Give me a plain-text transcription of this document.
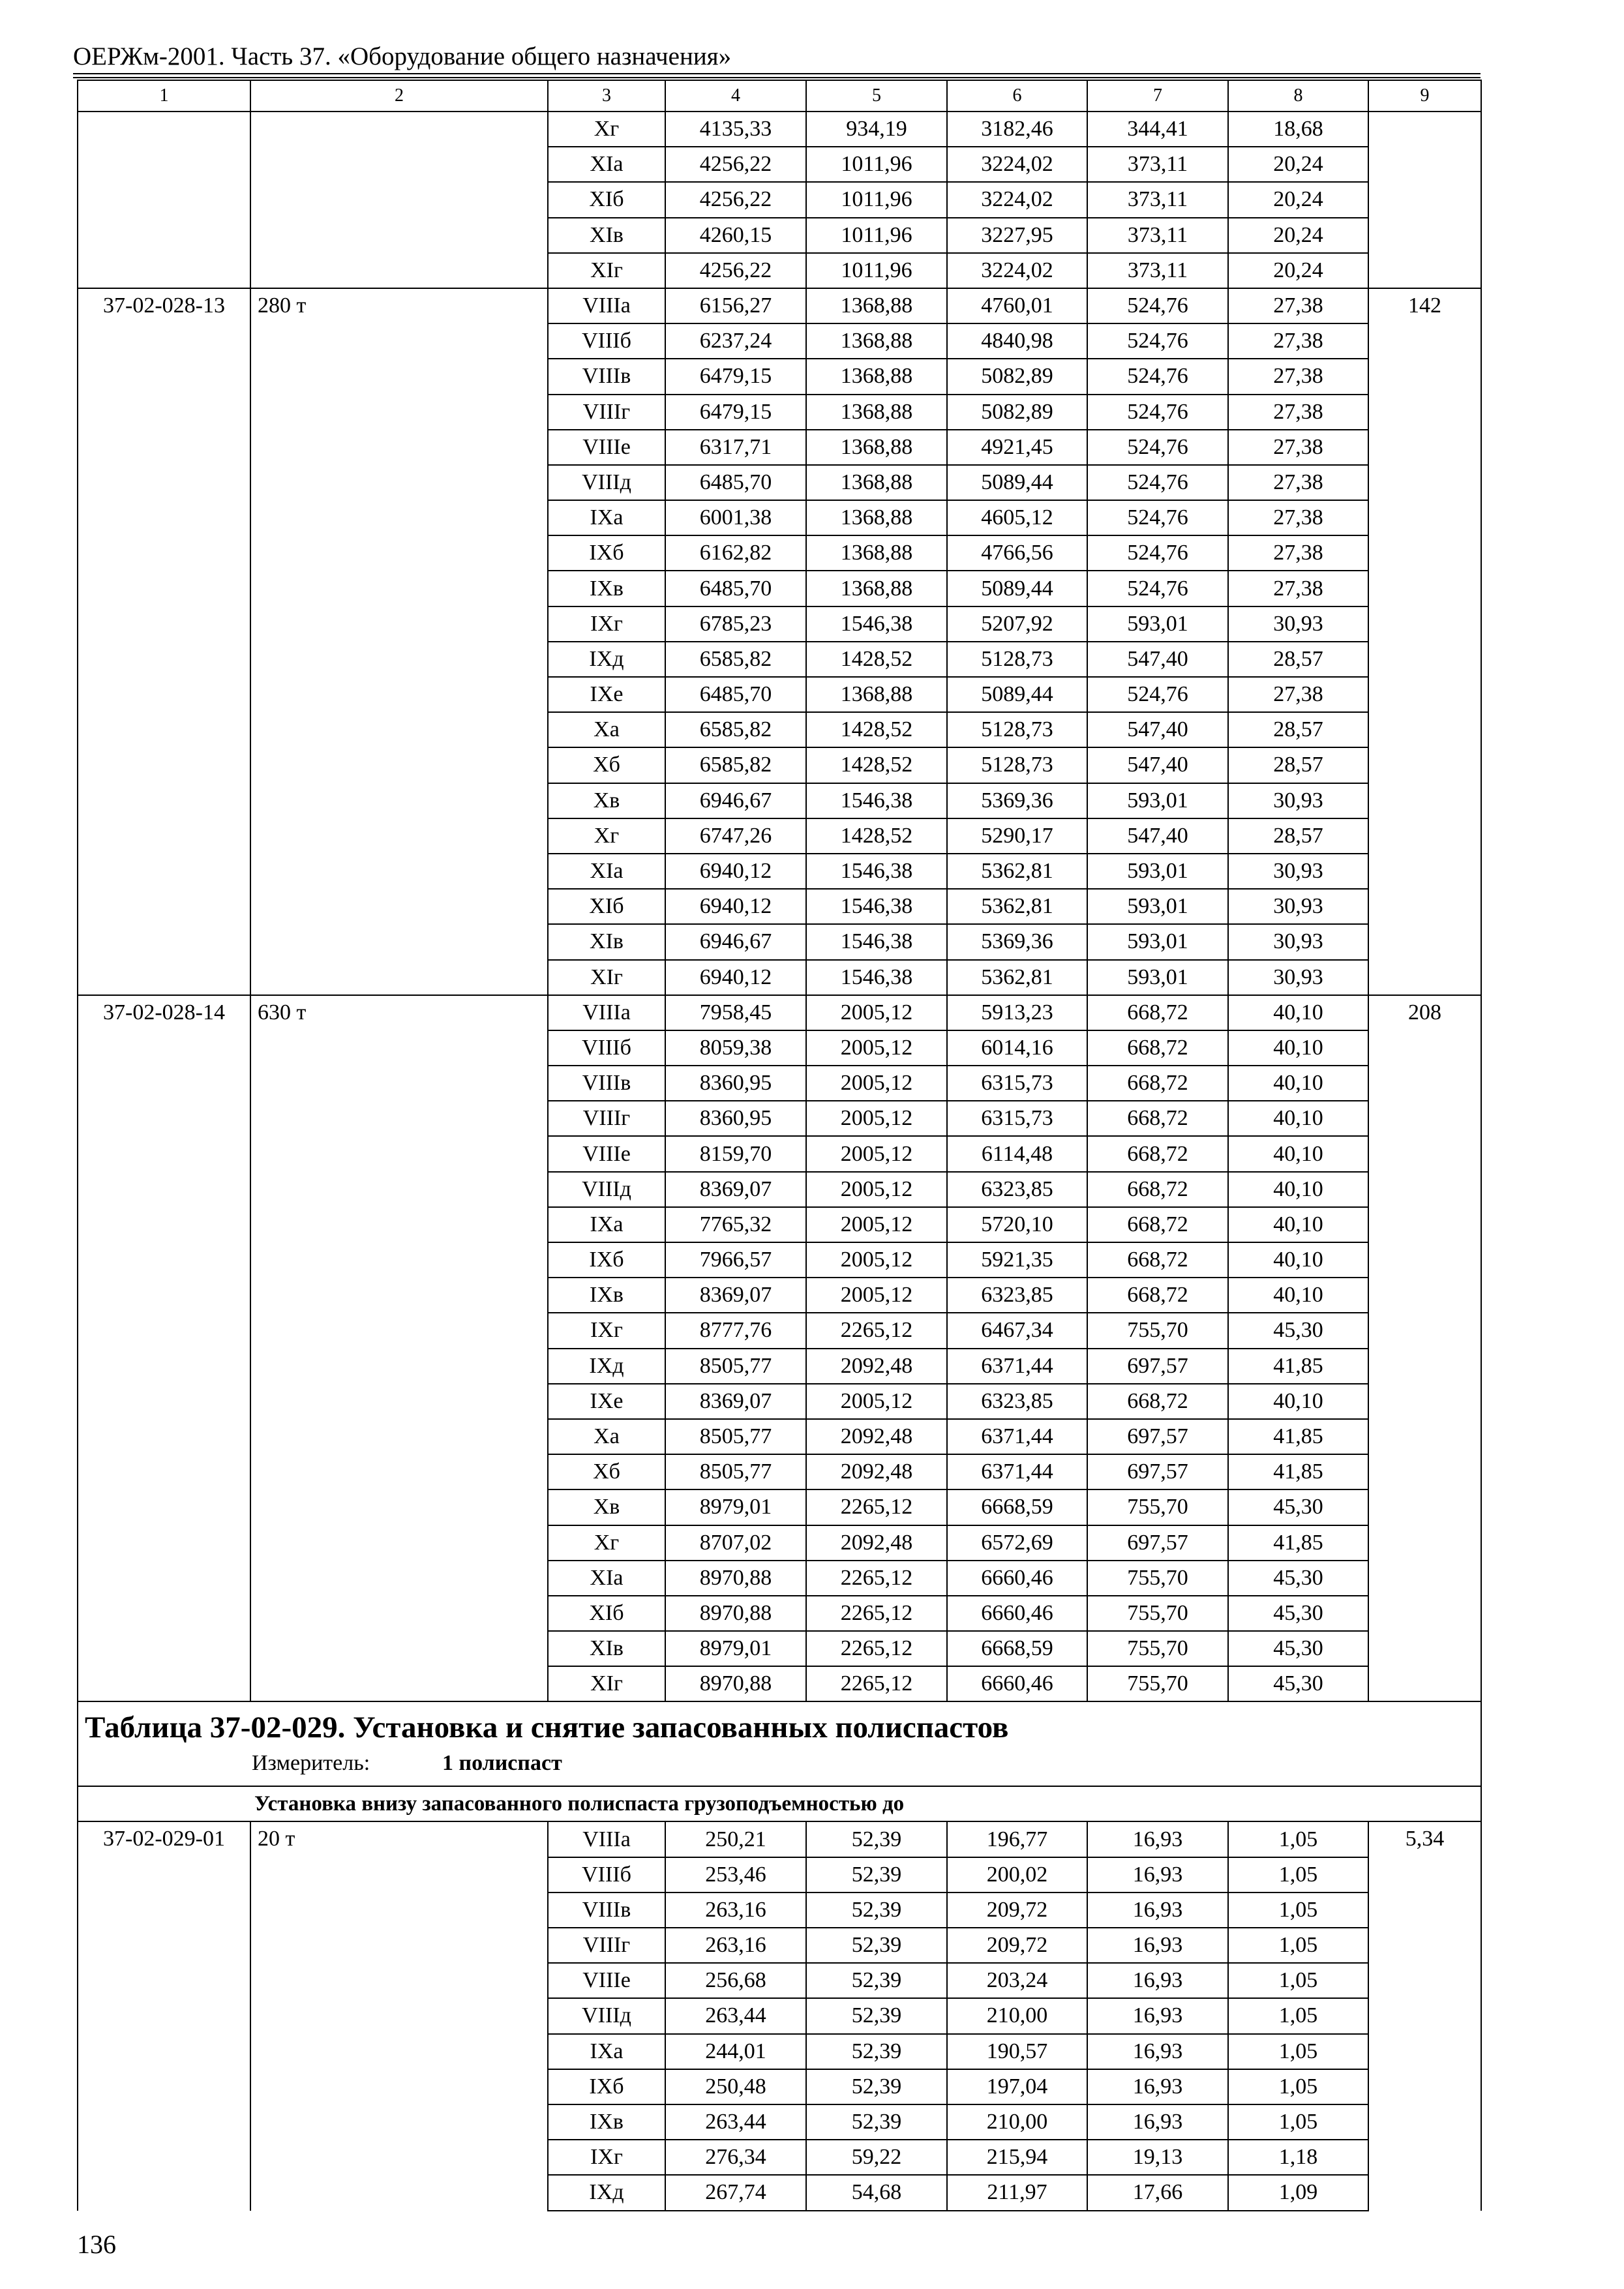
ОЕРЖм-2001. Часть 37. «Оборудование общего назначения»
1	2	3	4	5	6	7	8	9
		Xг	4135,33	934,19	3182,46	344,41	18,68	
		XIа	4256,22	1011,96	3224,02	373,11	20,24	
		XIб	4256,22	1011,96	3224,02	373,11	20,24	
		XIв	4260,15	1011,96	3227,95	373,11	20,24	
		XIг	4256,22	1011,96	3224,02	373,11	20,24	
37-02-028-13	280 т	VIIIа	6156,27	1368,88	4760,01	524,76	27,38	142
		VIIIб	6237,24	1368,88	4840,98	524,76	27,38	
		VIIIв	6479,15	1368,88	5082,89	524,76	27,38	
		VIIIг	6479,15	1368,88	5082,89	524,76	27,38	
		VIIIе	6317,71	1368,88	4921,45	524,76	27,38	
		VIIIд	6485,70	1368,88	5089,44	524,76	27,38	
		IXа	6001,38	1368,88	4605,12	524,76	27,38	
		IXб	6162,82	1368,88	4766,56	524,76	27,38	
		IXв	6485,70	1368,88	5089,44	524,76	27,38	
		IXг	6785,23	1546,38	5207,92	593,01	30,93	
		IXд	6585,82	1428,52	5128,73	547,40	28,57	
		IXе	6485,70	1368,88	5089,44	524,76	27,38	
		Xа	6585,82	1428,52	5128,73	547,40	28,57	
		Xб	6585,82	1428,52	5128,73	547,40	28,57	
		Xв	6946,67	1546,38	5369,36	593,01	30,93	
		Xг	6747,26	1428,52	5290,17	547,40	28,57	
		XIа	6940,12	1546,38	5362,81	593,01	30,93	
		XIб	6940,12	1546,38	5362,81	593,01	30,93	
		XIв	6946,67	1546,38	5369,36	593,01	30,93	
		XIг	6940,12	1546,38	5362,81	593,01	30,93	
37-02-028-14	630 т	VIIIа	7958,45	2005,12	5913,23	668,72	40,10	208
		VIIIб	8059,38	2005,12	6014,16	668,72	40,10	
		VIIIв	8360,95	2005,12	6315,73	668,72	40,10	
		VIIIг	8360,95	2005,12	6315,73	668,72	40,10	
		VIIIе	8159,70	2005,12	6114,48	668,72	40,10	
		VIIIд	8369,07	2005,12	6323,85	668,72	40,10	
		IXа	7765,32	2005,12	5720,10	668,72	40,10	
		IXб	7966,57	2005,12	5921,35	668,72	40,10	
		IXв	8369,07	2005,12	6323,85	668,72	40,10	
		IXг	8777,76	2265,12	6467,34	755,70	45,30	
		IXд	8505,77	2092,48	6371,44	697,57	41,85	
		IXе	8369,07	2005,12	6323,85	668,72	40,10	
		Xа	8505,77	2092,48	6371,44	697,57	41,85	
		Xб	8505,77	2092,48	6371,44	697,57	41,85	
		Xв	8979,01	2265,12	6668,59	755,70	45,30	
		Xг	8707,02	2092,48	6572,69	697,57	41,85	
		XIа	8970,88	2265,12	6660,46	755,70	45,30	
		XIб	8970,88	2265,12	6660,46	755,70	45,30	
		XIв	8979,01	2265,12	6668,59	755,70	45,30	
		XIг	8970,88	2265,12	6660,46	755,70	45,30	

Таблица 37-02-029. Установка и снятие запасованных полиспастов
Измеритель: 1 полиспаст								

Установка внизу запасованного полиспаста грузоподъемностью до								
37-02-029-01	20 т	VIIIа	250,21	52,39	196,77	16,93	1,05	5,34
		VIIIб	253,46	52,39	200,02	16,93	1,05	
		VIIIв	263,16	52,39	209,72	16,93	1,05	
		VIIIг	263,16	52,39	209,72	16,93	1,05	
		VIIIе	256,68	52,39	203,24	16,93	1,05	
		VIIIд	263,44	52,39	210,00	16,93	1,05	
		IXа	244,01	52,39	190,57	16,93	1,05	
		IXб	250,48	52,39	197,04	16,93	1,05	
		IXв	263,44	52,39	210,00	16,93	1,05	
		IXг	276,34	59,22	215,94	19,13	1,18	
		IXд	267,74	54,68	211,97	17,66	1,09	
136
